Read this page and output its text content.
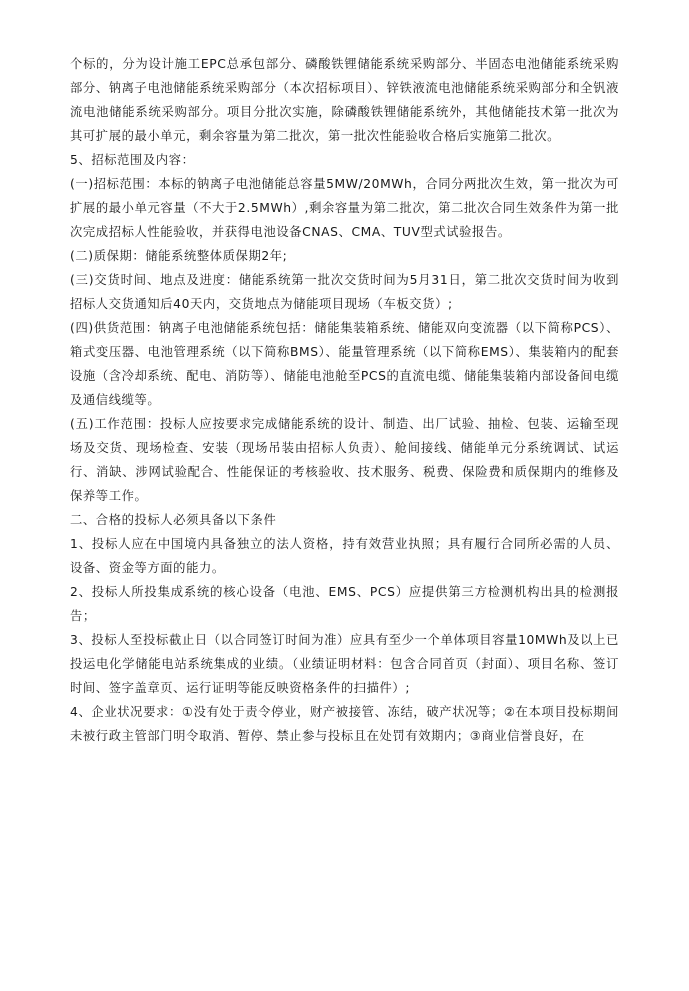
个标的，分为设计施工EPC总承包部分、磷酸铁锂储能系统采购部分、半固态电池储能系统采购部分、钠离子电池储能系统采购部分（本次招标项目）、锌铁液流电池储能系统采购部分和全钒液流电池储能系统采购部分。项目分批次实施，除磷酸铁锂储能系统外，其他储能技术第一批次为其可扩展的最小单元，剩余容量为第二批次，第一批次性能验收合格后实施第二批次。

5、招标范围及内容：

(一)招标范围：本标的钠离子电池储能总容量5MW/20MWh，合同分两批次生效，第一批次为可扩展的最小单元容量（不大于2.5MWh）,剩余容量为第二批次，第二批次合同生效条件为第一批次完成招标人性能验收，并获得电池设备CNAS、CMA、TUV型式试验报告。

(二)质保期：储能系统整体质保期2年;

(三)交货时间、地点及进度：储能系统第一批次交货时间为5月31日，第二批次交货时间为收到招标人交货通知后40天内，交货地点为储能项目现场（车板交货）;

(四)供货范围：钠离子电池储能系统包括：储能集装箱系统、储能双向变流器（以下简称PCS）、箱式变压器、电池管理系统（以下简称BMS）、能量管理系统（以下简称EMS）、集装箱内的配套设施（含冷却系统、配电、消防等）、储能电池舱至PCS的直流电缆、储能集装箱内部设备间电缆及通信线缆等。

(五)工作范围：投标人应按要求完成储能系统的设计、制造、出厂试验、抽检、包装、运输至现场及交货、现场检查、安装（现场吊装由招标人负责）、舱间接线、储能单元分系统调试、试运行、消缺、涉网试验配合、性能保证的考核验收、技术服务、税费、保险费和质保期内的维修及保养等工作。

二、合格的投标人必须具备以下条件

1、投标人应在中国境内具备独立的法人资格，持有效营业执照；具有履行合同所必需的人员、设备、资金等方面的能力。

2、投标人所投集成系统的核心设备（电池、EMS、PCS）应提供第三方检测机构出具的检测报告；

3、投标人至投标截止日（以合同签订时间为准）应具有至少一个单体项目容量10MWh及以上已投运电化学储能电站系统集成的业绩。（业绩证明材料：包含合同首页（封面）、项目名称、签订时间、签字盖章页、运行证明等能反映资格条件的扫描件）;

4、企业状况要求：①没有处于责令停业，财产被接管、冻结，破产状况等；②在本项目投标期间未被行政主管部门明令取消、暂停、禁止参与投标且在处罚有效期内；③商业信誉良好，在
